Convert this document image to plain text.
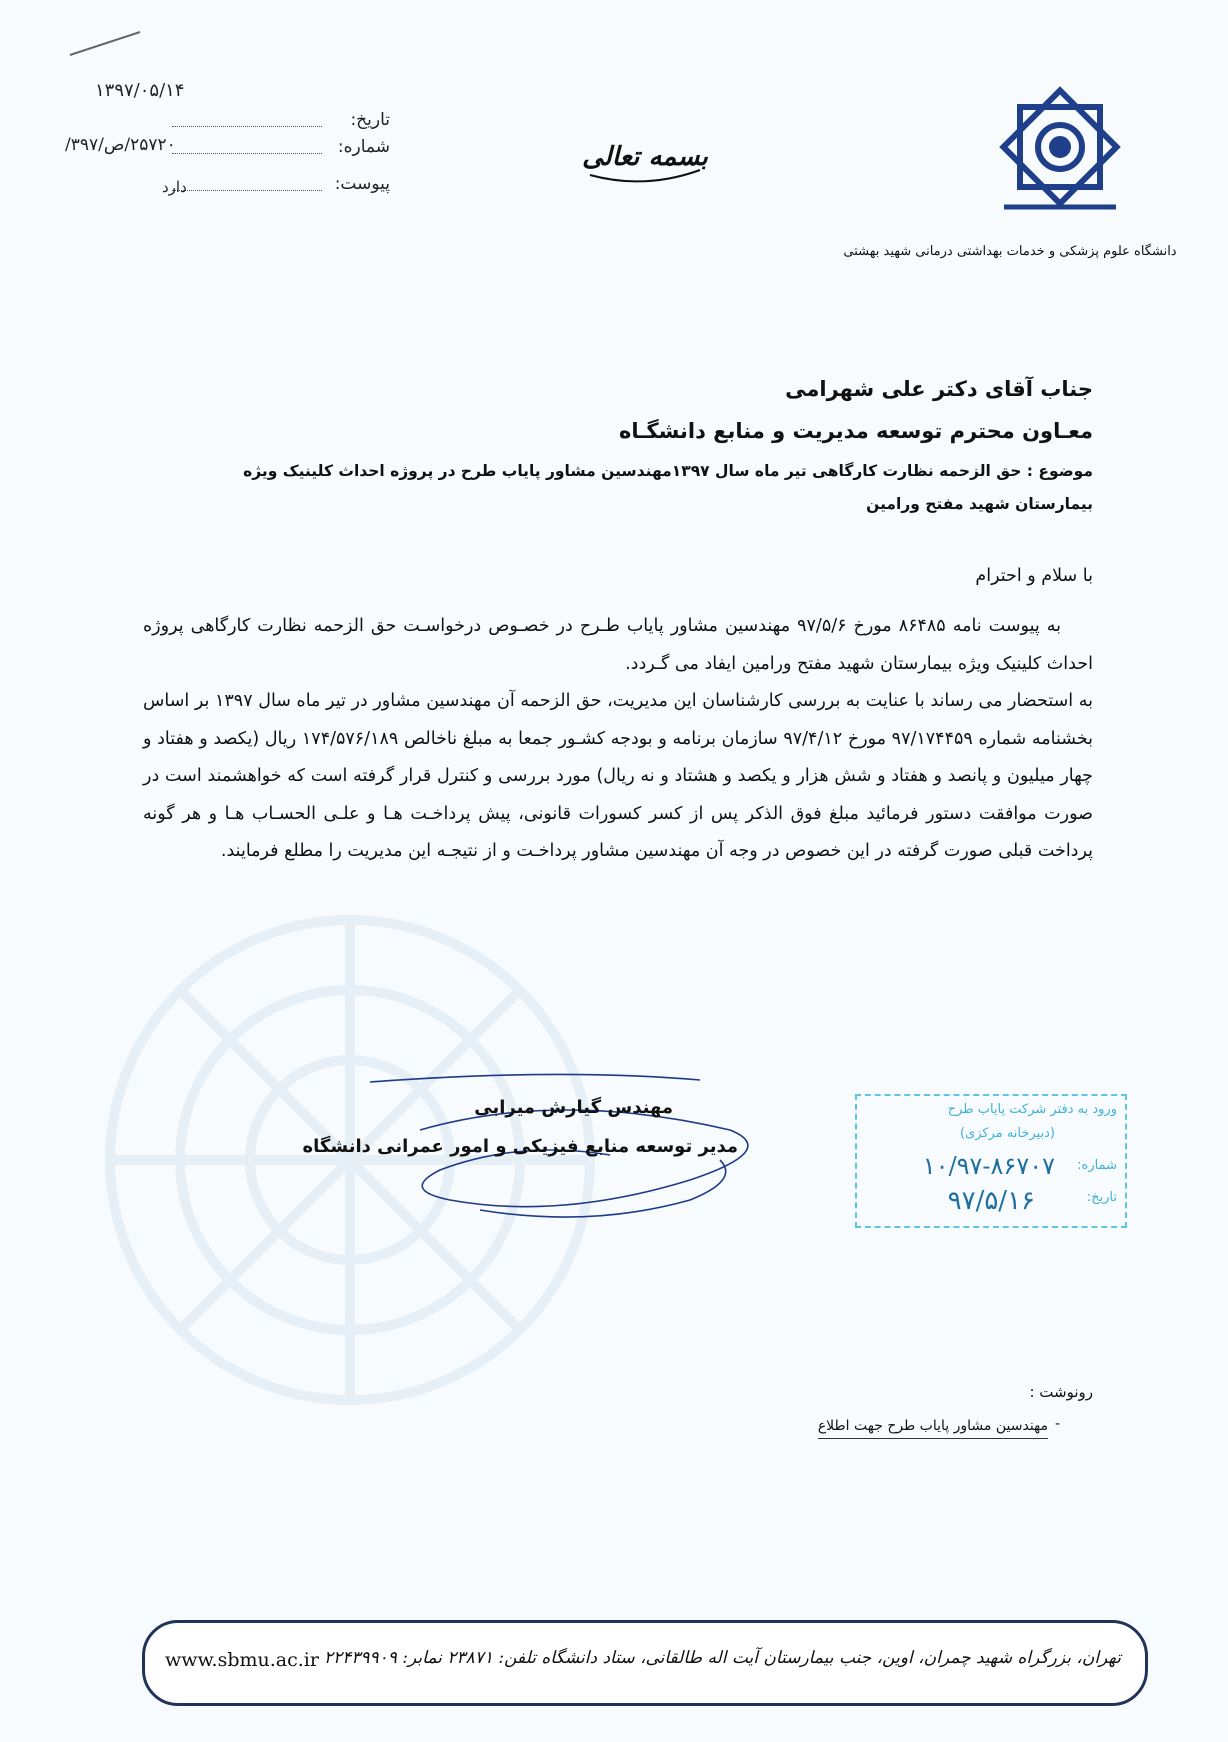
دانشگاه علوم پزشکی و خدمات بهداشتی درمانی شهید بهشتی
بسمه تعالی
۱۳۹۷/۰۵/۱۴
تاریخ:
شماره:
۲۵۷۲۰/ص/۳۹۷/
پیوست:
دارد
جناب آقای دکتر علی شهرامی
معـاون محترم توسعه مدیریت و منابع دانشگـاه
موضوع : حق الزحمه نظارت کارگاهی تیر ماه سال ۱۳۹۷مهندسین مشاور پایاب طرح در پروژه احداث کلینیک ویژه بیمارستان شهید مفتح ورامین
با سلام و احترام

به پیوست نامه ۸۶۴۸۵ مورخ ۹۷/۵/۶ مهندسین مشاور پایاب طـرح در خصـوص درخواسـت حق الزحمه نظارت کارگاهی پروژه احداث کلینیک ویژه بیمارستان شهید مفتح ورامین ایفاد می گـردد.

به استحضار می رساند با عنایت به بررسی کارشناسان این مدیریت، حق الزحمه آن مهندسین مشاور در تیر ماه سال ۱۳۹۷ بر اساس بخشنامه شماره ۹۷/۱۷۴۴۵۹ مورخ ۹۷/۴/۱۲ سازمان برنامه و بودجه کشـور جمعا به مبلغ ناخالص ۱۷۴/۵۷۶/۱۸۹ ریال (یکصد و هفتاد و چهار میلیون و پانصد و هفتاد و شش هزار و یکصد و هشتاد و نه ریال) مورد بررسی و کنترل قرار گرفته است که خواهشمند است در صورت موافقت دستور فرمائید مبلغ فوق الذکر پس از کسر کسورات قانونی، پیش پرداخـت هـا و علـی الحسـاب هـا و هر گونه پرداخت قبلی صورت گرفته در این خصوص در وجه آن مهندسین مشاور پرداخـت و از نتیجـه این مدیریت را مطلع فرمایند.

مهندس گیارش میرابی
مدیر توسعه منابع فیزیکی و امور عمرانی دانشگاه
ورود به دفتر شرکت پایاب طرح
(دبیرخانه مرکزی)
شماره:
۱۰/۹۷-۸۶۷۰۷
تاریخ:
۹۷/۵/۱۶
رونوشت :
-
مهندسین مشاور پایاب طرح جهت اطلاع
www.sbmu.ac.ir تهران، بزرگراه شهید چمران، اوین، جنب بیمارستان آیت اله طالقانی، ستاد دانشگاه تلفن: ۲۳۸۷۱ نمابر: ۲۲۴۳۹۹۰۹
